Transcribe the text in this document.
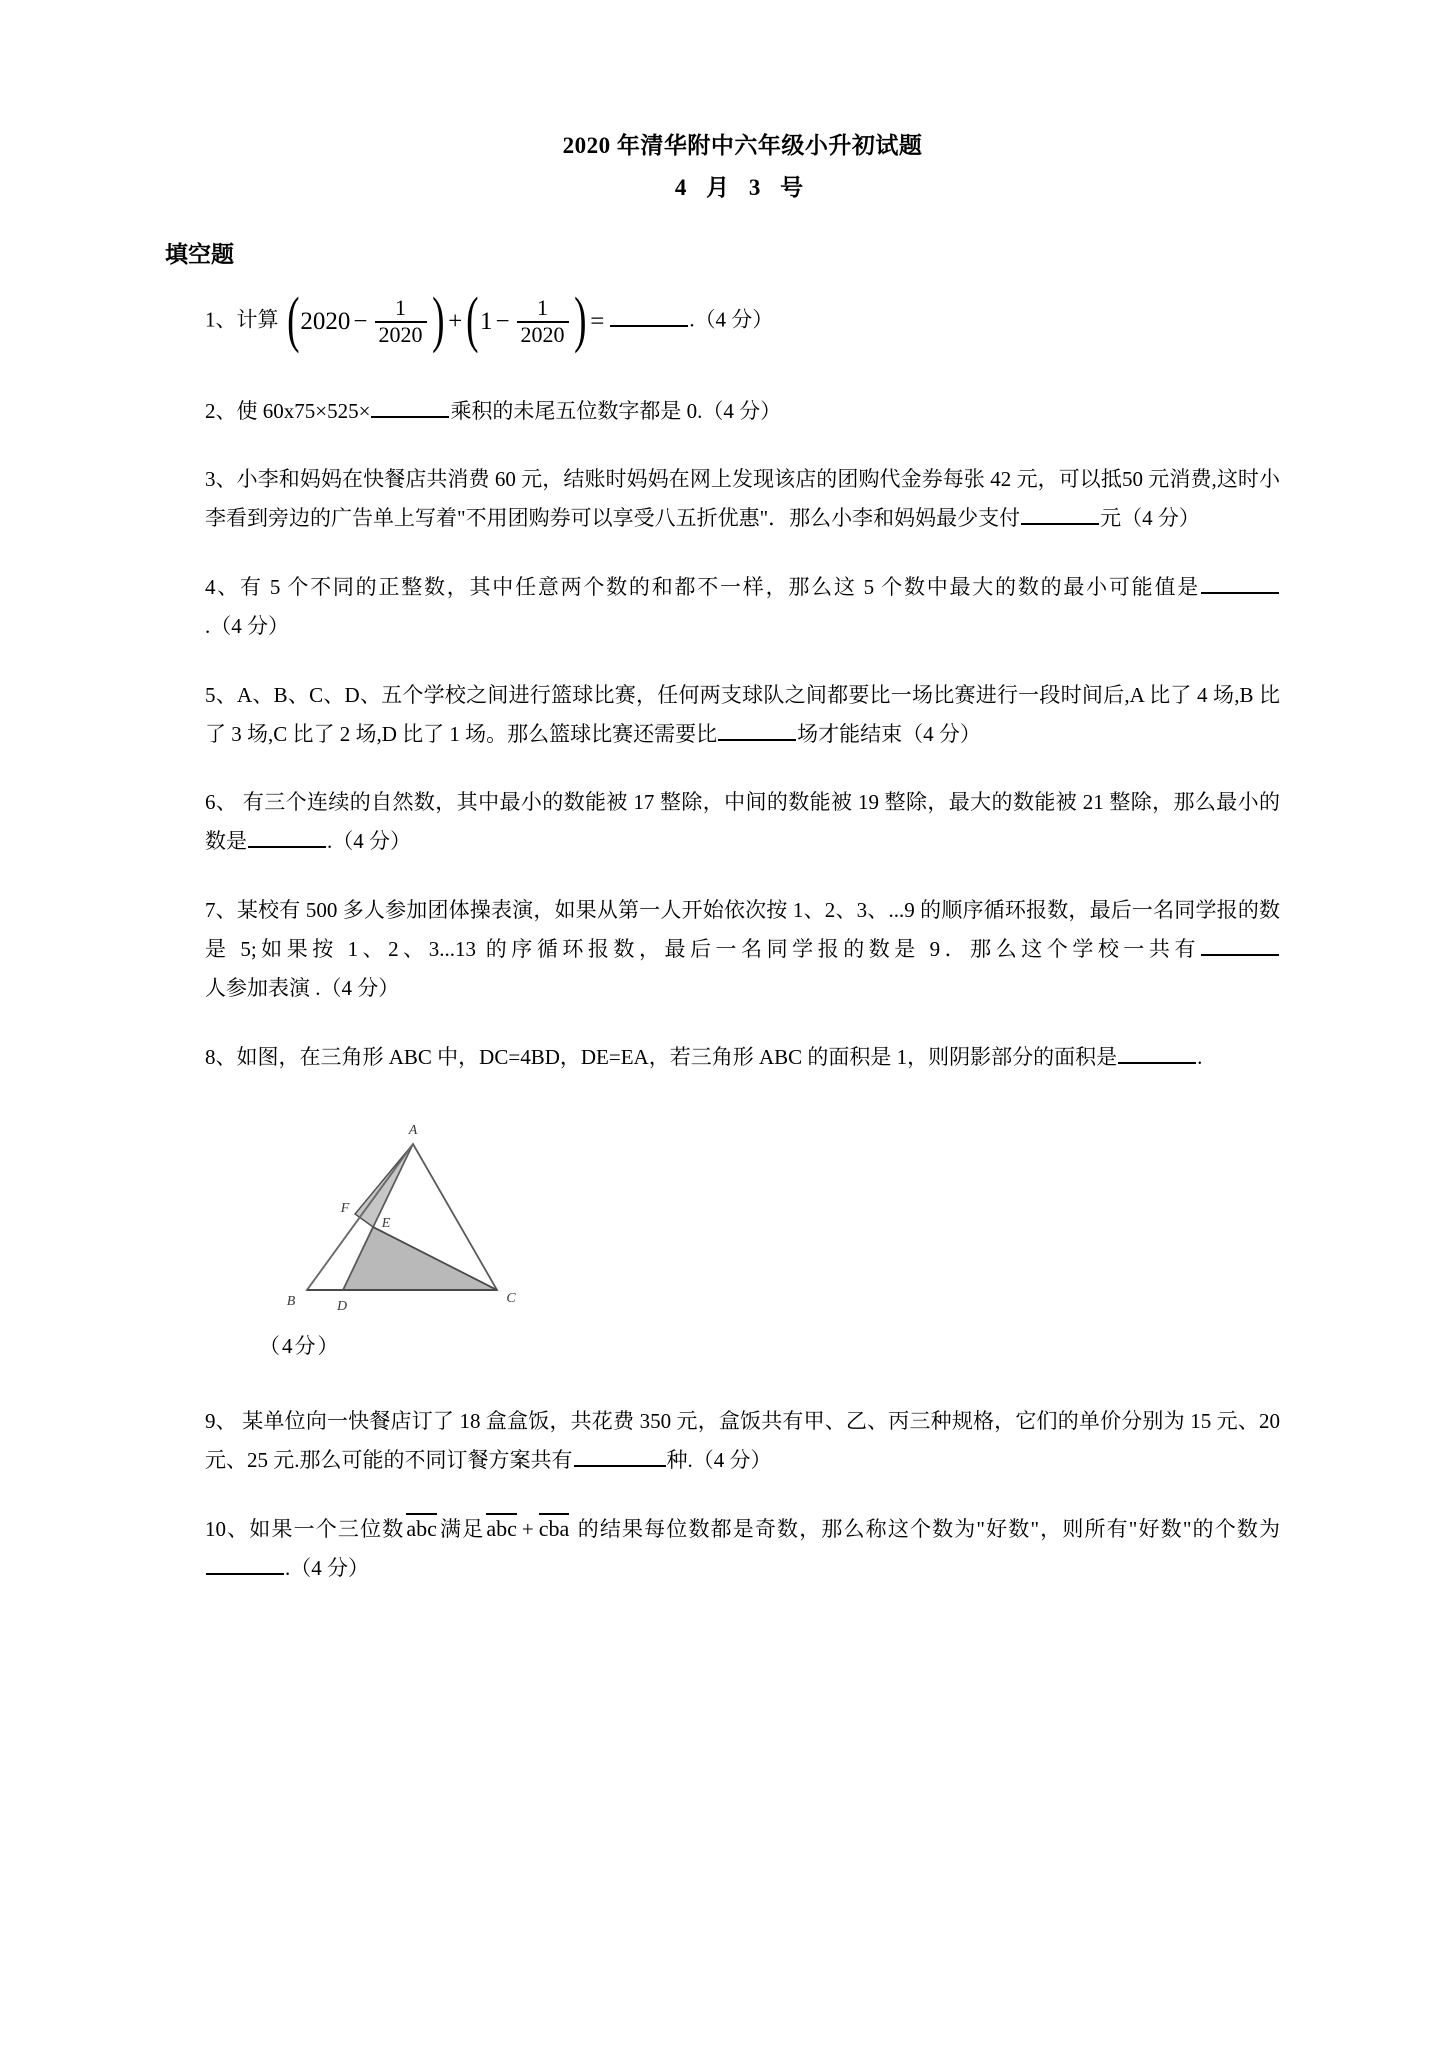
2020 年清华附中六年级小升初试题
4 月 3 号
填空题
1、计算 ( $2020 - \frac{1}{2020}$ ) + ( $1 - \frac{1}{2020}$ ) =	.（4 分）
2、使 60x75×525×	乘积的未尾五位数字都是 0.（4 分）
3、小李和妈妈在快餐店共消费 60 元，结账时妈妈在网上发现该店的团购代金券每张 42 元，可以抵50 元消费,这时小李看到旁边的广告单上写着"不用团购券可以享受八五折优惠"．那么小李和妈妈最少支付	元（4 分）
4、有 5 个不同的正整数，其中任意两个数的和都不一样，那么这 5 个数中最大的数的最小可能值是.（4 分）
5、A、B、C、D、五个学校之间进行篮球比赛，任何两支球队之间都要比一场比赛进行一段时间后,A 比了 4 场,B 比了 3 场,C 比了 2 场,D 比了 1 场。那么篮球比赛还需要比	场才能结束（4 分）
6、 有三个连续的自然数，其中最小的数能被 17 整除，中间的数能被 19 整除，最大的数能被 21 整除，那么最小的数是	.（4 分）
7、某校有 500 多人参加团体操表演，如果从第一人开始依次按 1、2、3、...9 的顺序循环报数，最后一名同学报的数是 5;如果按 1、2、3...13 的序循环报数，最后一名同学报的数是 9．那么这个学校一共有人参加表演 .（4 分）
8、如图，在三角形 ABC 中，DC=4BD，DE=EA，若三角形 ABC 的面积是 1，则阴影部分的面积是	.
A
B	C
D
E
F
（4分）
9、 某单位向一快餐店订了 18 盒盒饭，共花费 350 元，盒饭共有甲、乙、丙三种规格，它们的单价分别为 15 元、20 元、25 元.那么可能的不同订餐方案共有	种.（4 分）
10、如果一个三位数abc满足abc + cba 的结果每位数都是奇数，那么称这个数为"好数"，则所有"好数"的个数为.（4 分）
